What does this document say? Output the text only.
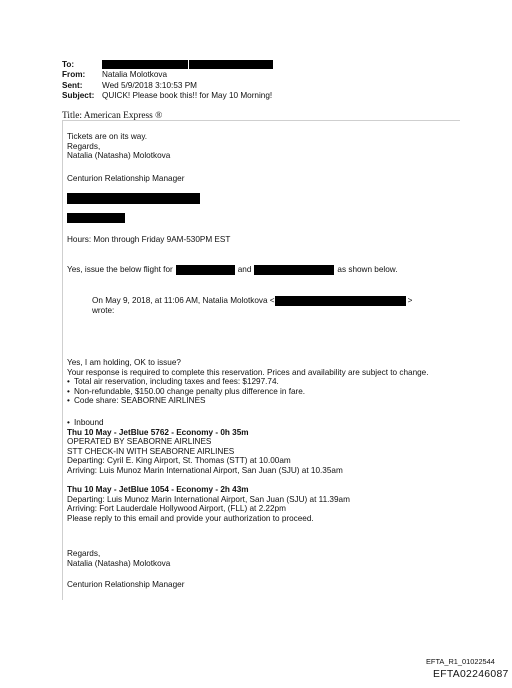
To:
From:	Natalia Molotkova
Sent:	Wed 5/9/2018 3:10:53 PM
Subject: QUICK! Please book this!! for May 10 Morning!
Title: American Express ®
Tickets are on its way.
Regards,
Natalia (Natasha) Molotkova
Centurion Relationship Manager
Hours: Mon through Friday 9AM-530PM EST
Yes, issue the below flight for	and	as shown below.
On May 9, 2018, at 11:06 AM, Natalia Molotkova <	>
wrote:
Yes, I am holding, OK to issue?
Your response is required to complete this reservation. Prices and availability are subject to change.
• Total air reservation, including taxes and fees: $1297.74.
• Non-refundable, $150.00 change penalty plus difference in fare.
• Code share: SEABORNE AIRLINES
• Inbound
Thu 10 May - JetBlue 5762 - Economy - 0h 35m
OPERATED BY SEABORNE AIRLINES
STT CHECK-IN WITH SEABORNE AIRLINES
Departing: Cyril E. King Airport, St. Thomas (STT) at 10.00am
Arriving: Luis Munoz Marin International Airport, San Juan (SJU) at 10.35am
Thu 10 May - JetBlue 1054 - Economy - 2h 43m
Departing: Luis Munoz Marin International Airport, San Juan (SJU) at 11.39am
Arriving: Fort Lauderdale Hollywood Airport, (FLL) at 2.22pm
Please reply to this email and provide your authorization to proceed.
Regards,
Natalia (Natasha) Molotkova
Centurion Relationship Manager
EFTA_R1_01022544
EFTA02246087
